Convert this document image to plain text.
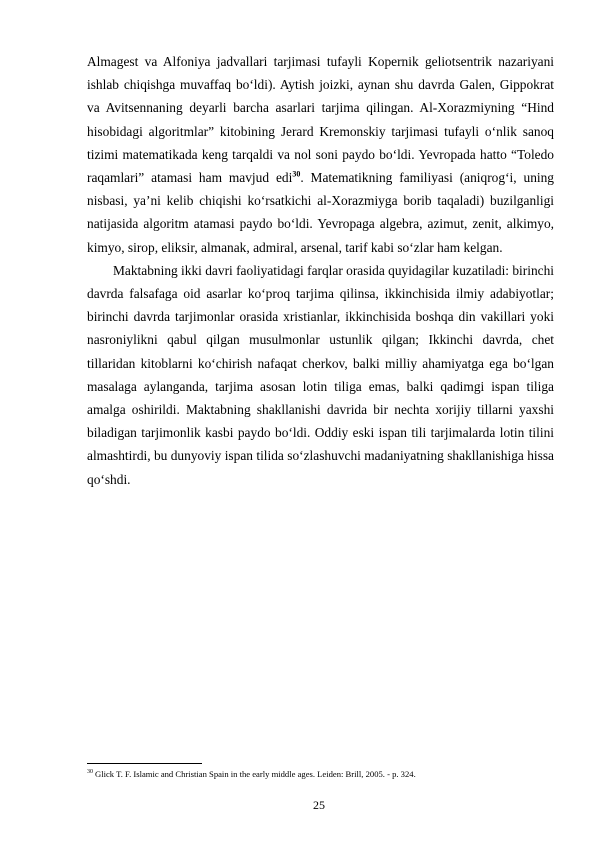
Almagest va Alfoniya jadvallari tarjimasi tufayli Kopernik geliotsentrik nazariyani ishlab chiqishga muvaffaq bo‘ldi). Aytish joizki, aynan shu davrda Galen, Gippokrat va Avitsennaning deyarli barcha asarlari tarjima qilingan. Al-Xorazmiyning “Hind hisobidagi algoritmlar” kitobining Jerard Kremonskiy tarjimasi tufayli o‘nlik sanoq tizimi matematikada keng tarqaldi va nol soni paydo bo‘ldi. Yevropada hatto “Toledo raqamlari” atamasi ham mavjud edi$^{30}$. Matematikning familiyasi (aniqrog‘i, uning nisbasi, ya’ni kelib chiqishi ko‘rsatkichi al-Xorazmiyga borib taqaladi) buzilganligi natijasida algoritm atamasi paydo bo‘ldi. Yevropaga algebra, azimut, zenit, alkimyo, kimyo, sirop, eliksir, almanak, admiral, arsenal, tarif kabi so‘zlar ham kelgan.

Maktabning ikki davri faoliyatidagi farqlar orasida quyidagilar kuzatiladi: birinchi davrda falsafaga oid asarlar ko‘proq tarjima qilinsa, ikkinchisida ilmiy adabiyotlar; birinchi davrda tarjimonlar orasida xristianlar, ikkinchisida boshqa din vakillari yoki nasroniylikni qabul qilgan musulmonlar ustunlik qilgan; Ikkinchi davrda, chet tillaridan kitoblarni ko‘chirish nafaqat cherkov, balki milliy ahamiyatga ega bo‘lgan masalaga aylanganda, tarjima asosan lotin tiliga emas, balki qadimgi ispan tiliga amalga oshirildi. Maktabning shakllanishi davrida bir nechta xorijiy tillarni yaxshi biladigan tarjimonlik kasbi paydo bo‘ldi. Oddiy eski ispan tili tarjimalarda lotin tilini almashtirdi, bu dunyoviy ispan tilida so‘zlashuvchi madaniyatning shakllanishiga hissa qo‘shdi.

$^{30}$ Glick T. F. Islamic and Christian Spain in the early middle ages. Leiden: Brill, 2005. - p. 324.
25
